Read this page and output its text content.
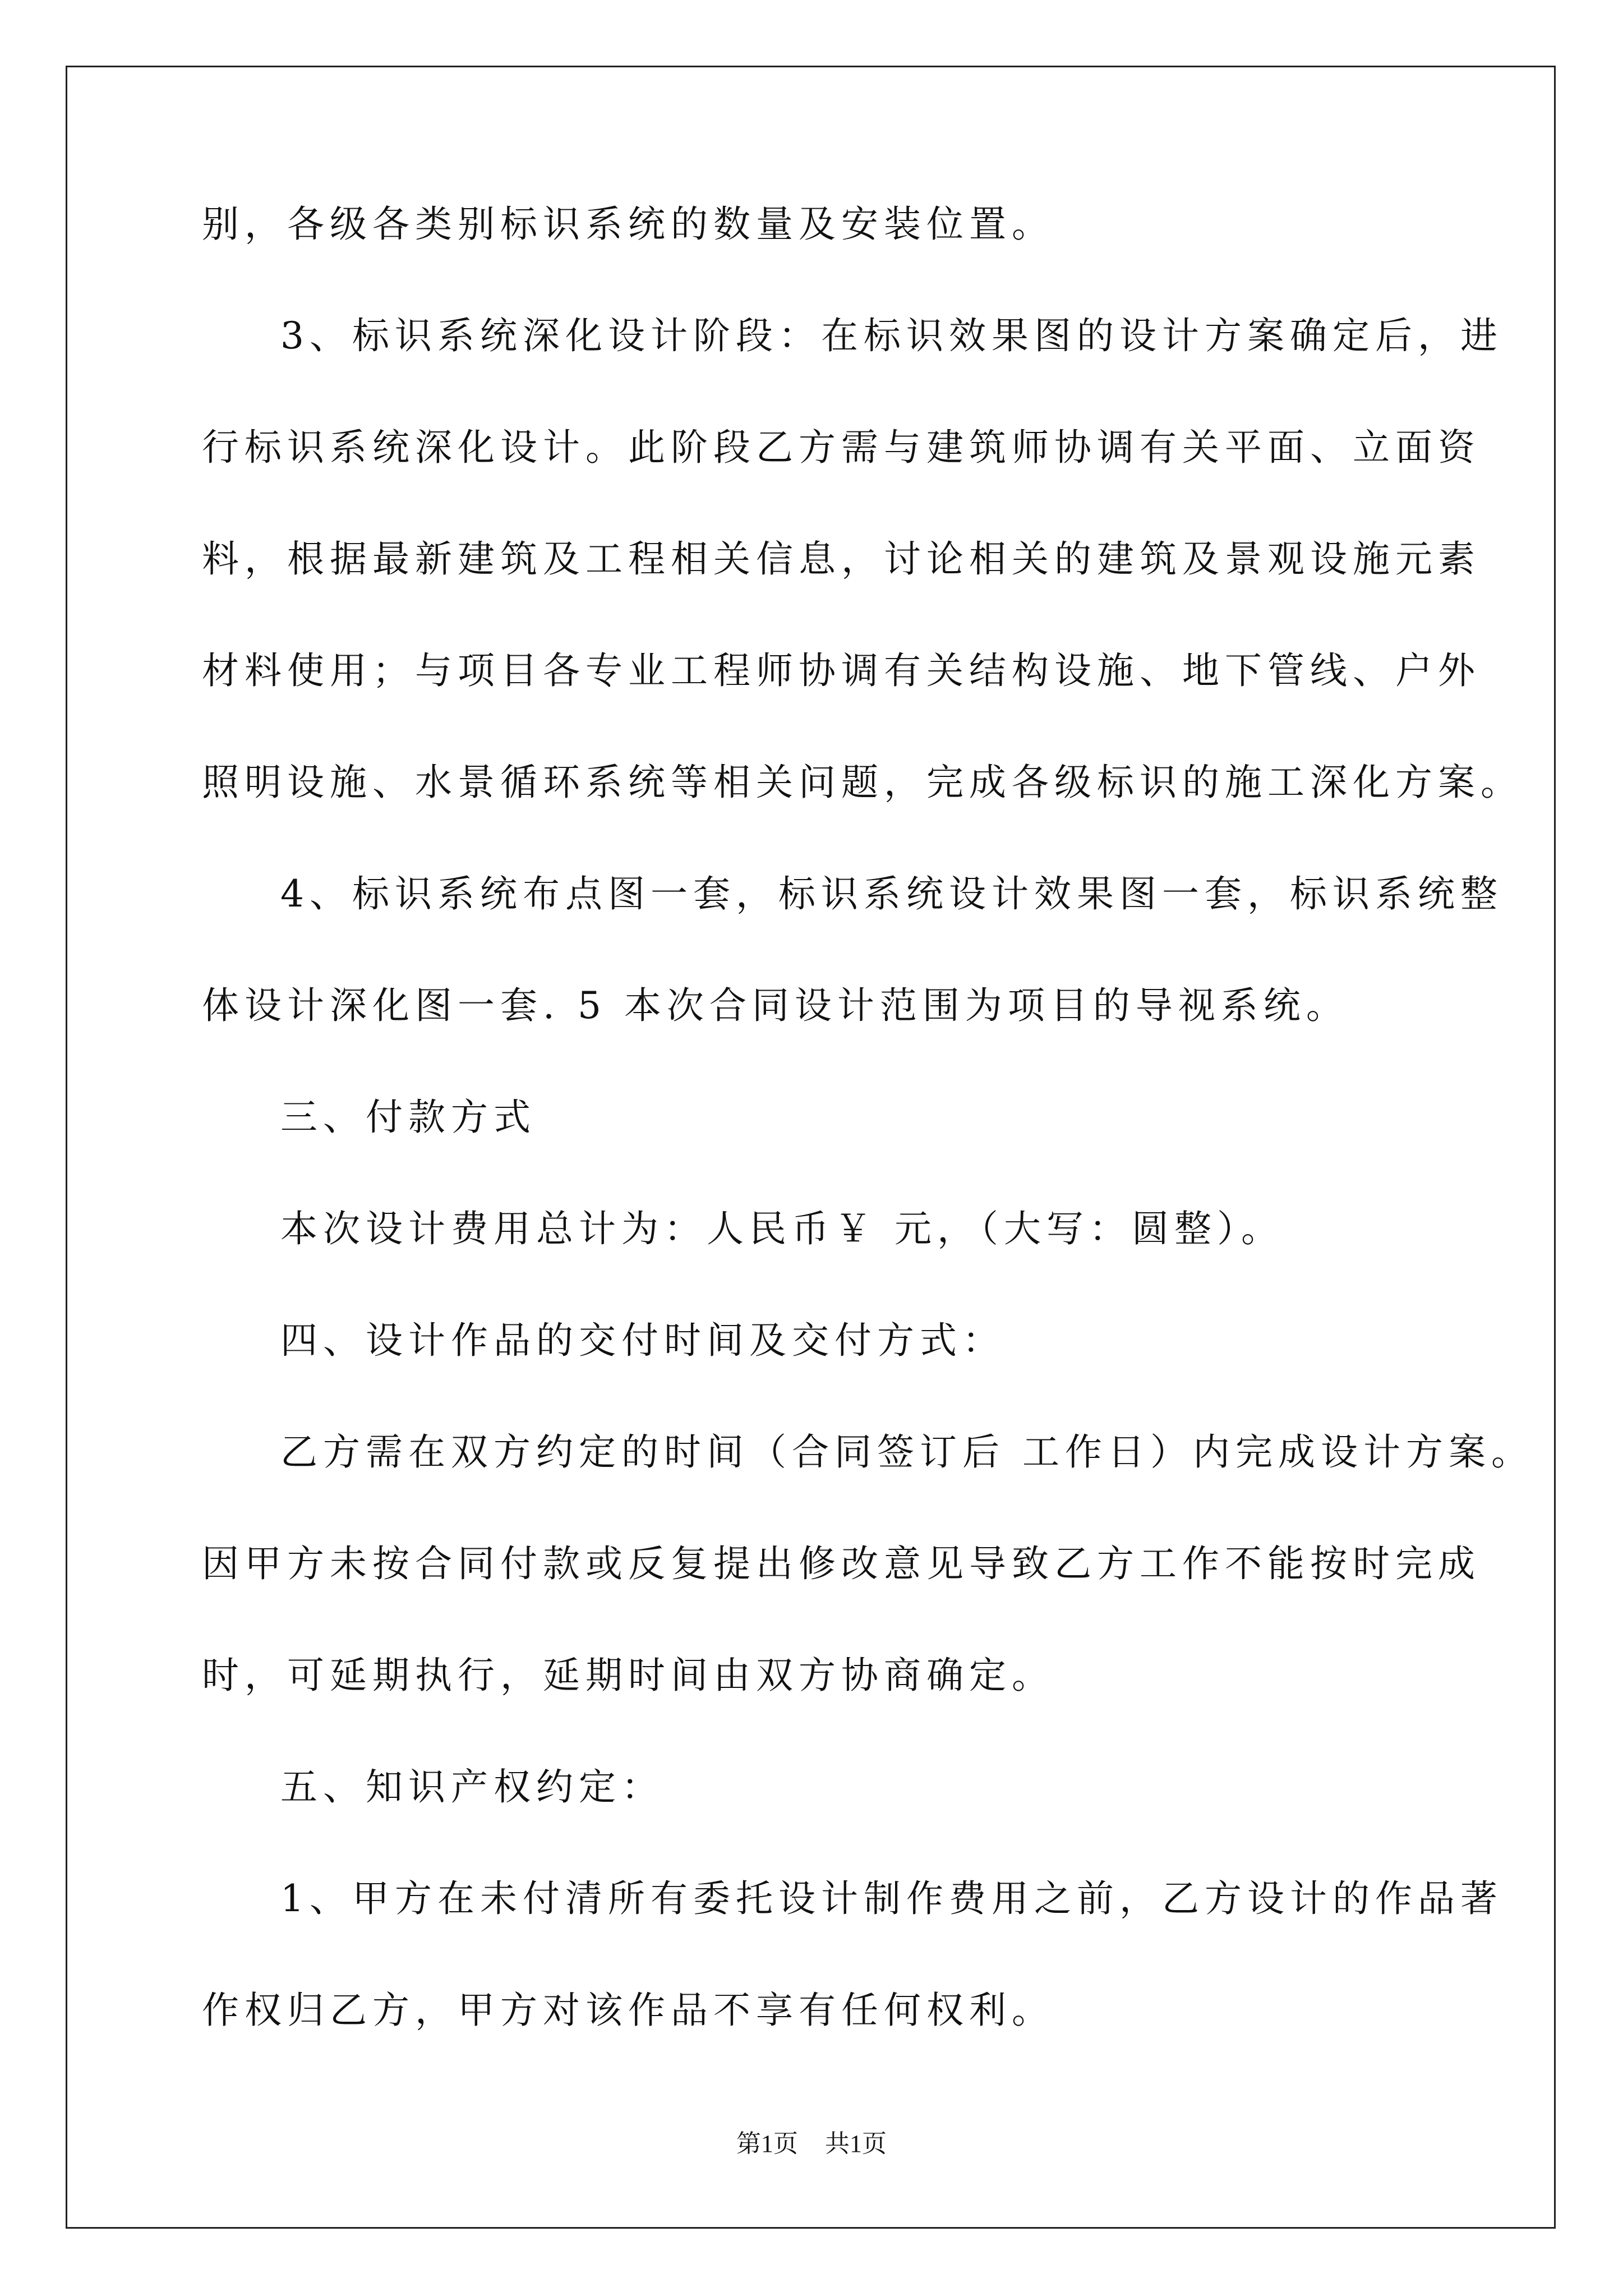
别，各级各类别标识系统的数量及安装位置。
3、标识系统深化设计阶段：在标识效果图的设计方案确定后，进
行标识系统深化设计。此阶段乙方需与建筑师协调有关平面、立面资
料，根据最新建筑及工程相关信息，讨论相关的建筑及景观设施元素
材料使用；与项目各专业工程师协调有关结构设施、地下管线、户外
照明设施、水景循环系统等相关问题，完成各级标识的施工深化方案。
4、标识系统布点图一套，标识系统设计效果图一套，标识系统整
体设计深化图一套. 5 本次合同设计范围为项目的导视系统。
三、付款方式
本次设计费用总计为：人民币￥ 元，（大写：圆整）。
四、设计作品的交付时间及交付方式：
乙方需在双方约定的时间（合同签订后 工作日）内完成设计方案。
因甲方未按合同付款或反复提出修改意见导致乙方工作不能按时完成
时，可延期执行，延期时间由双方协商确定。
五、知识产权约定：
1、甲方在未付清所有委托设计制作费用之前，乙方设计的作品著
作权归乙方，甲方对该作品不享有任何权利。
第1页 共1页
